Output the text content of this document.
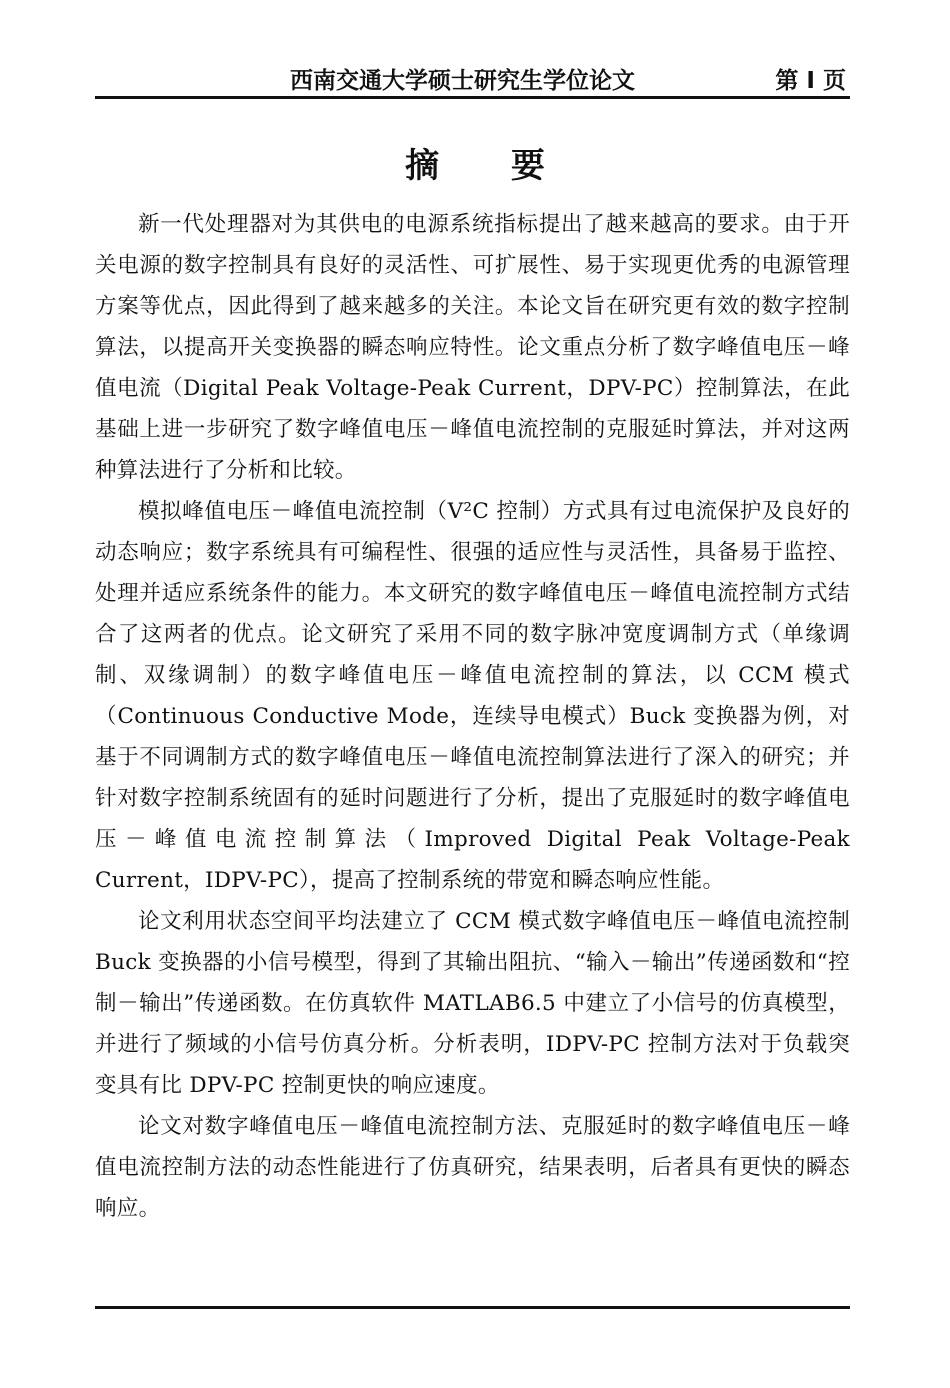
西南交通大学硕士研究生学位论文	第 I 页
摘 要

新一代处理器对为其供电的电源系统指标提出了越来越高的要求。由于开关电源的数字控制具有良好的灵活性、可扩展性、易于实现更优秀的电源管理方案等优点，因此得到了越来越多的关注。本论文旨在研究更有效的数字控制算法，以提高开关变换器的瞬态响应特性。论文重点分析了数字峰值电压－峰值电流（Digital Peak Voltage-Peak Current，DPV-PC）控制算法，在此基础上进一步研究了数字峰值电压－峰值电流控制的克服延时算法，并对这两种算法进行了分析和比较。

模拟峰值电压－峰值电流控制（V²C 控制）方式具有过电流保护及良好的动态响应；数字系统具有可编程性、很强的适应性与灵活性，具备易于监控、处理并适应系统条件的能力。本文研究的数字峰值电压－峰值电流控制方式结合了这两者的优点。论文研究了采用不同的数字脉冲宽度调制方式（单缘调制、双缘调制）的数字峰值电压－峰值电流控制的算法，以 CCM 模式（Continuous Conductive Mode，连续导电模式）Buck 变换器为例，对基于不同调制方式的数字峰值电压－峰值电流控制算法进行了深入的研究；并针对数字控制系统固有的延时问题进行了分析，提出了克服延时的数字峰值电压－峰值电流控制算法（Improved Digital Peak Voltage-Peak Current，IDPV-PC），提高了控制系统的带宽和瞬态响应性能。

论文利用状态空间平均法建立了 CCM 模式数字峰值电压－峰值电流控制 Buck 变换器的小信号模型，得到了其输出阻抗、“输入－输出”传递函数和“控制－输出”传递函数。在仿真软件 MATLAB6.5 中建立了小信号的仿真模型，并进行了频域的小信号仿真分析。分析表明，IDPV-PC 控制方法对于负载突变具有比 DPV-PC 控制更快的响应速度。

论文对数字峰值电压－峰值电流控制方法、克服延时的数字峰值电压－峰值电流控制方法的动态性能进行了仿真研究，结果表明，后者具有更快的瞬态响应。
